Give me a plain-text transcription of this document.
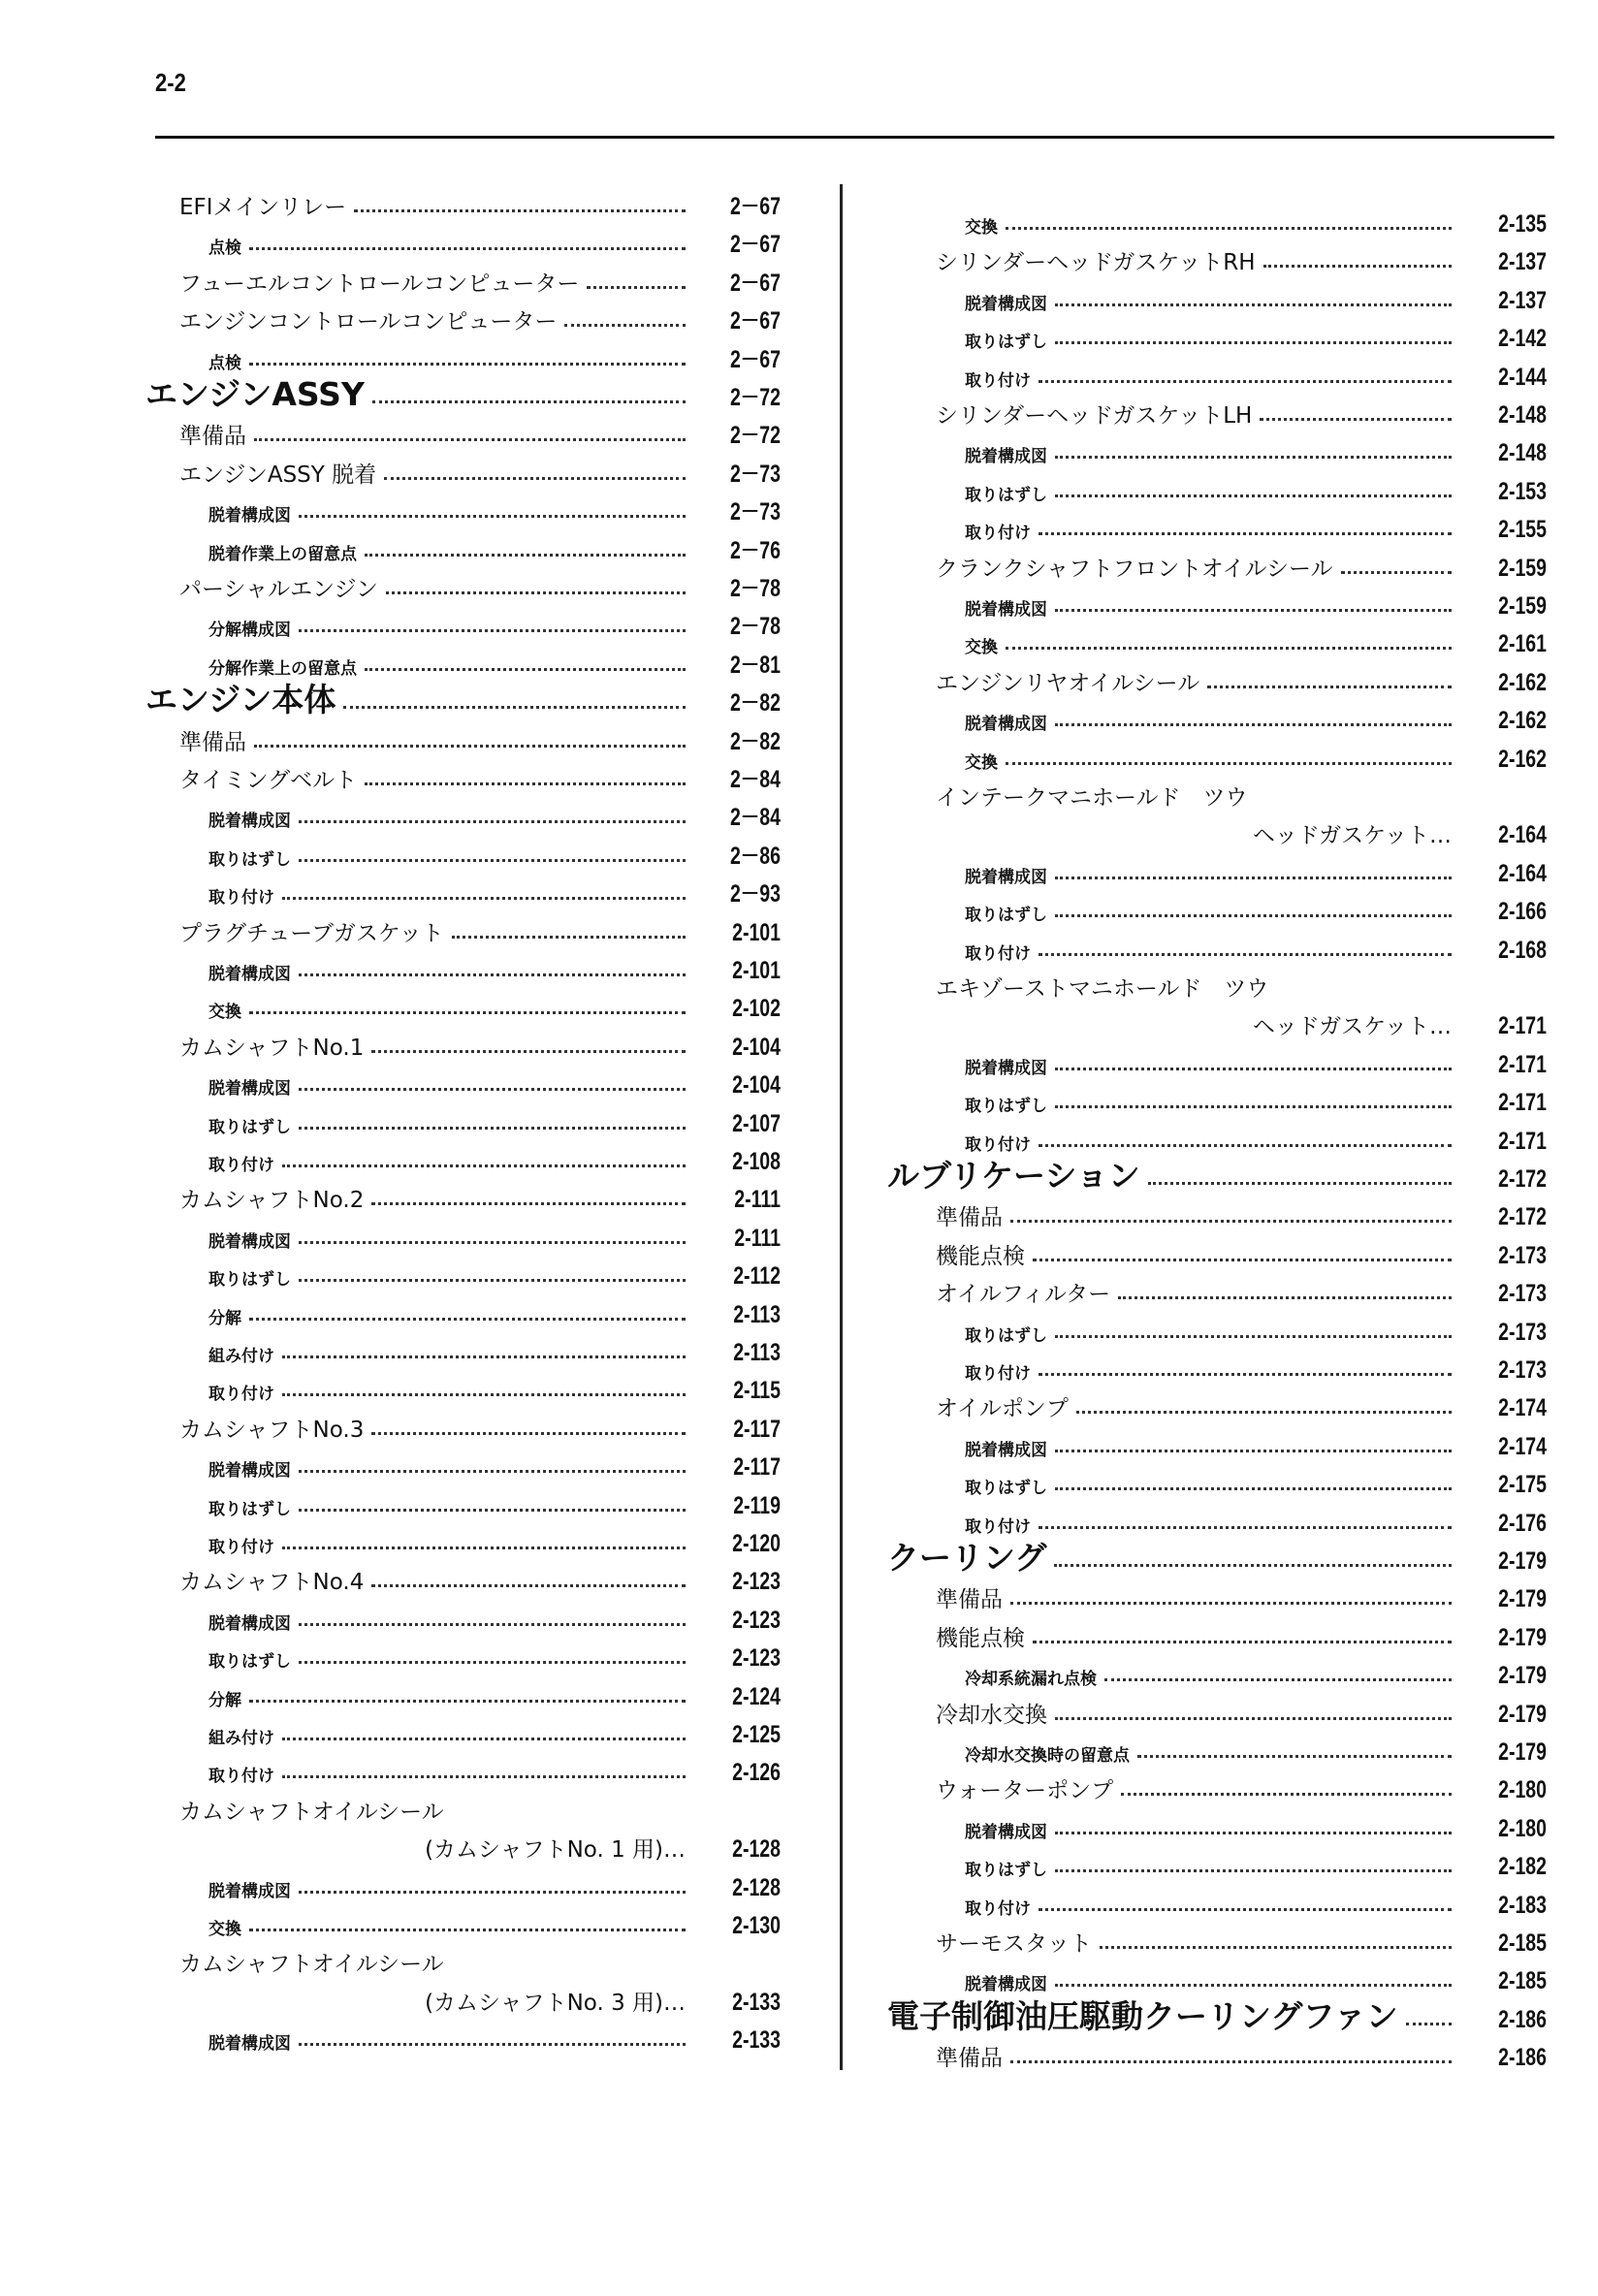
2-2
EFIメインリレー	2－67
点検	2－67
フューエルコントロールコンピューター	2－67
エンジンコントロールコンピューター	2－67
点検	2－67
エンジンASSY	2－72
準備品	2－72
エンジンASSY 脱着	2－73
脱着構成図	2－73
脱着作業上の留意点	2－76
パーシャルエンジン	2－78
分解構成図	2－78
分解作業上の留意点	2－81
エンジン本体	2－82
準備品	2－82
タイミングベルト	2－84
脱着構成図	2－84
取りはずし	2－86
取り付け	2－93
プラグチューブガスケット	2-101
脱着構成図	2-101
交換	2-102
カムシャフトNo.1	2-104
脱着構成図	2-104
取りはずし	2-107
取り付け	2-108
カムシャフトNo.2	2-111
脱着構成図	2-111
取りはずし	2-112
分解	2-113
組み付け	2-113
取り付け	2-115
カムシャフトNo.3	2-117
脱着構成図	2-117
取りはずし	2-119
取り付け	2-120
カムシャフトNo.4	2-123
脱着構成図	2-123
取りはずし	2-123
分解	2-124
組み付け	2-125
取り付け	2-126
カムシャフトオイルシール
(カムシャフトNo. 1 用)…	2-128
脱着構成図	2-128
交換	2-130
カムシャフトオイルシール
(カムシャフトNo. 3 用)…	2-133
脱着構成図	2-133
交換	2-135
シリンダーヘッドガスケットRH	2-137
脱着構成図	2-137
取りはずし	2-142
取り付け	2-144
シリンダーヘッドガスケットLH	2-148
脱着構成図	2-148
取りはずし	2-153
取り付け	2-155
クランクシャフトフロントオイルシール	2-159
脱着構成図	2-159
交換	2-161
エンジンリヤオイルシール	2-162
脱着構成図	2-162
交換	2-162
インテークマニホールド　ツウ
ヘッドガスケット…	2-164
脱着構成図	2-164
取りはずし	2-166
取り付け	2-168
エキゾーストマニホールド　ツウ
ヘッドガスケット…	2-171
脱着構成図	2-171
取りはずし	2-171
取り付け	2-171
ルブリケーション	2-172
準備品	2-172
機能点検	2-173
オイルフィルター	2-173
取りはずし	2-173
取り付け	2-173
オイルポンプ	2-174
脱着構成図	2-174
取りはずし	2-175
取り付け	2-176
クーリング	2-179
準備品	2-179
機能点検	2-179
冷却系統漏れ点検	2-179
冷却水交換	2-179
冷却水交換時の留意点	2-179
ウォーターポンプ	2-180
脱着構成図	2-180
取りはずし	2-182
取り付け	2-183
サーモスタット	2-185
脱着構成図	2-185
電子制御油圧駆動クーリングファン	2-186
準備品	2-186
